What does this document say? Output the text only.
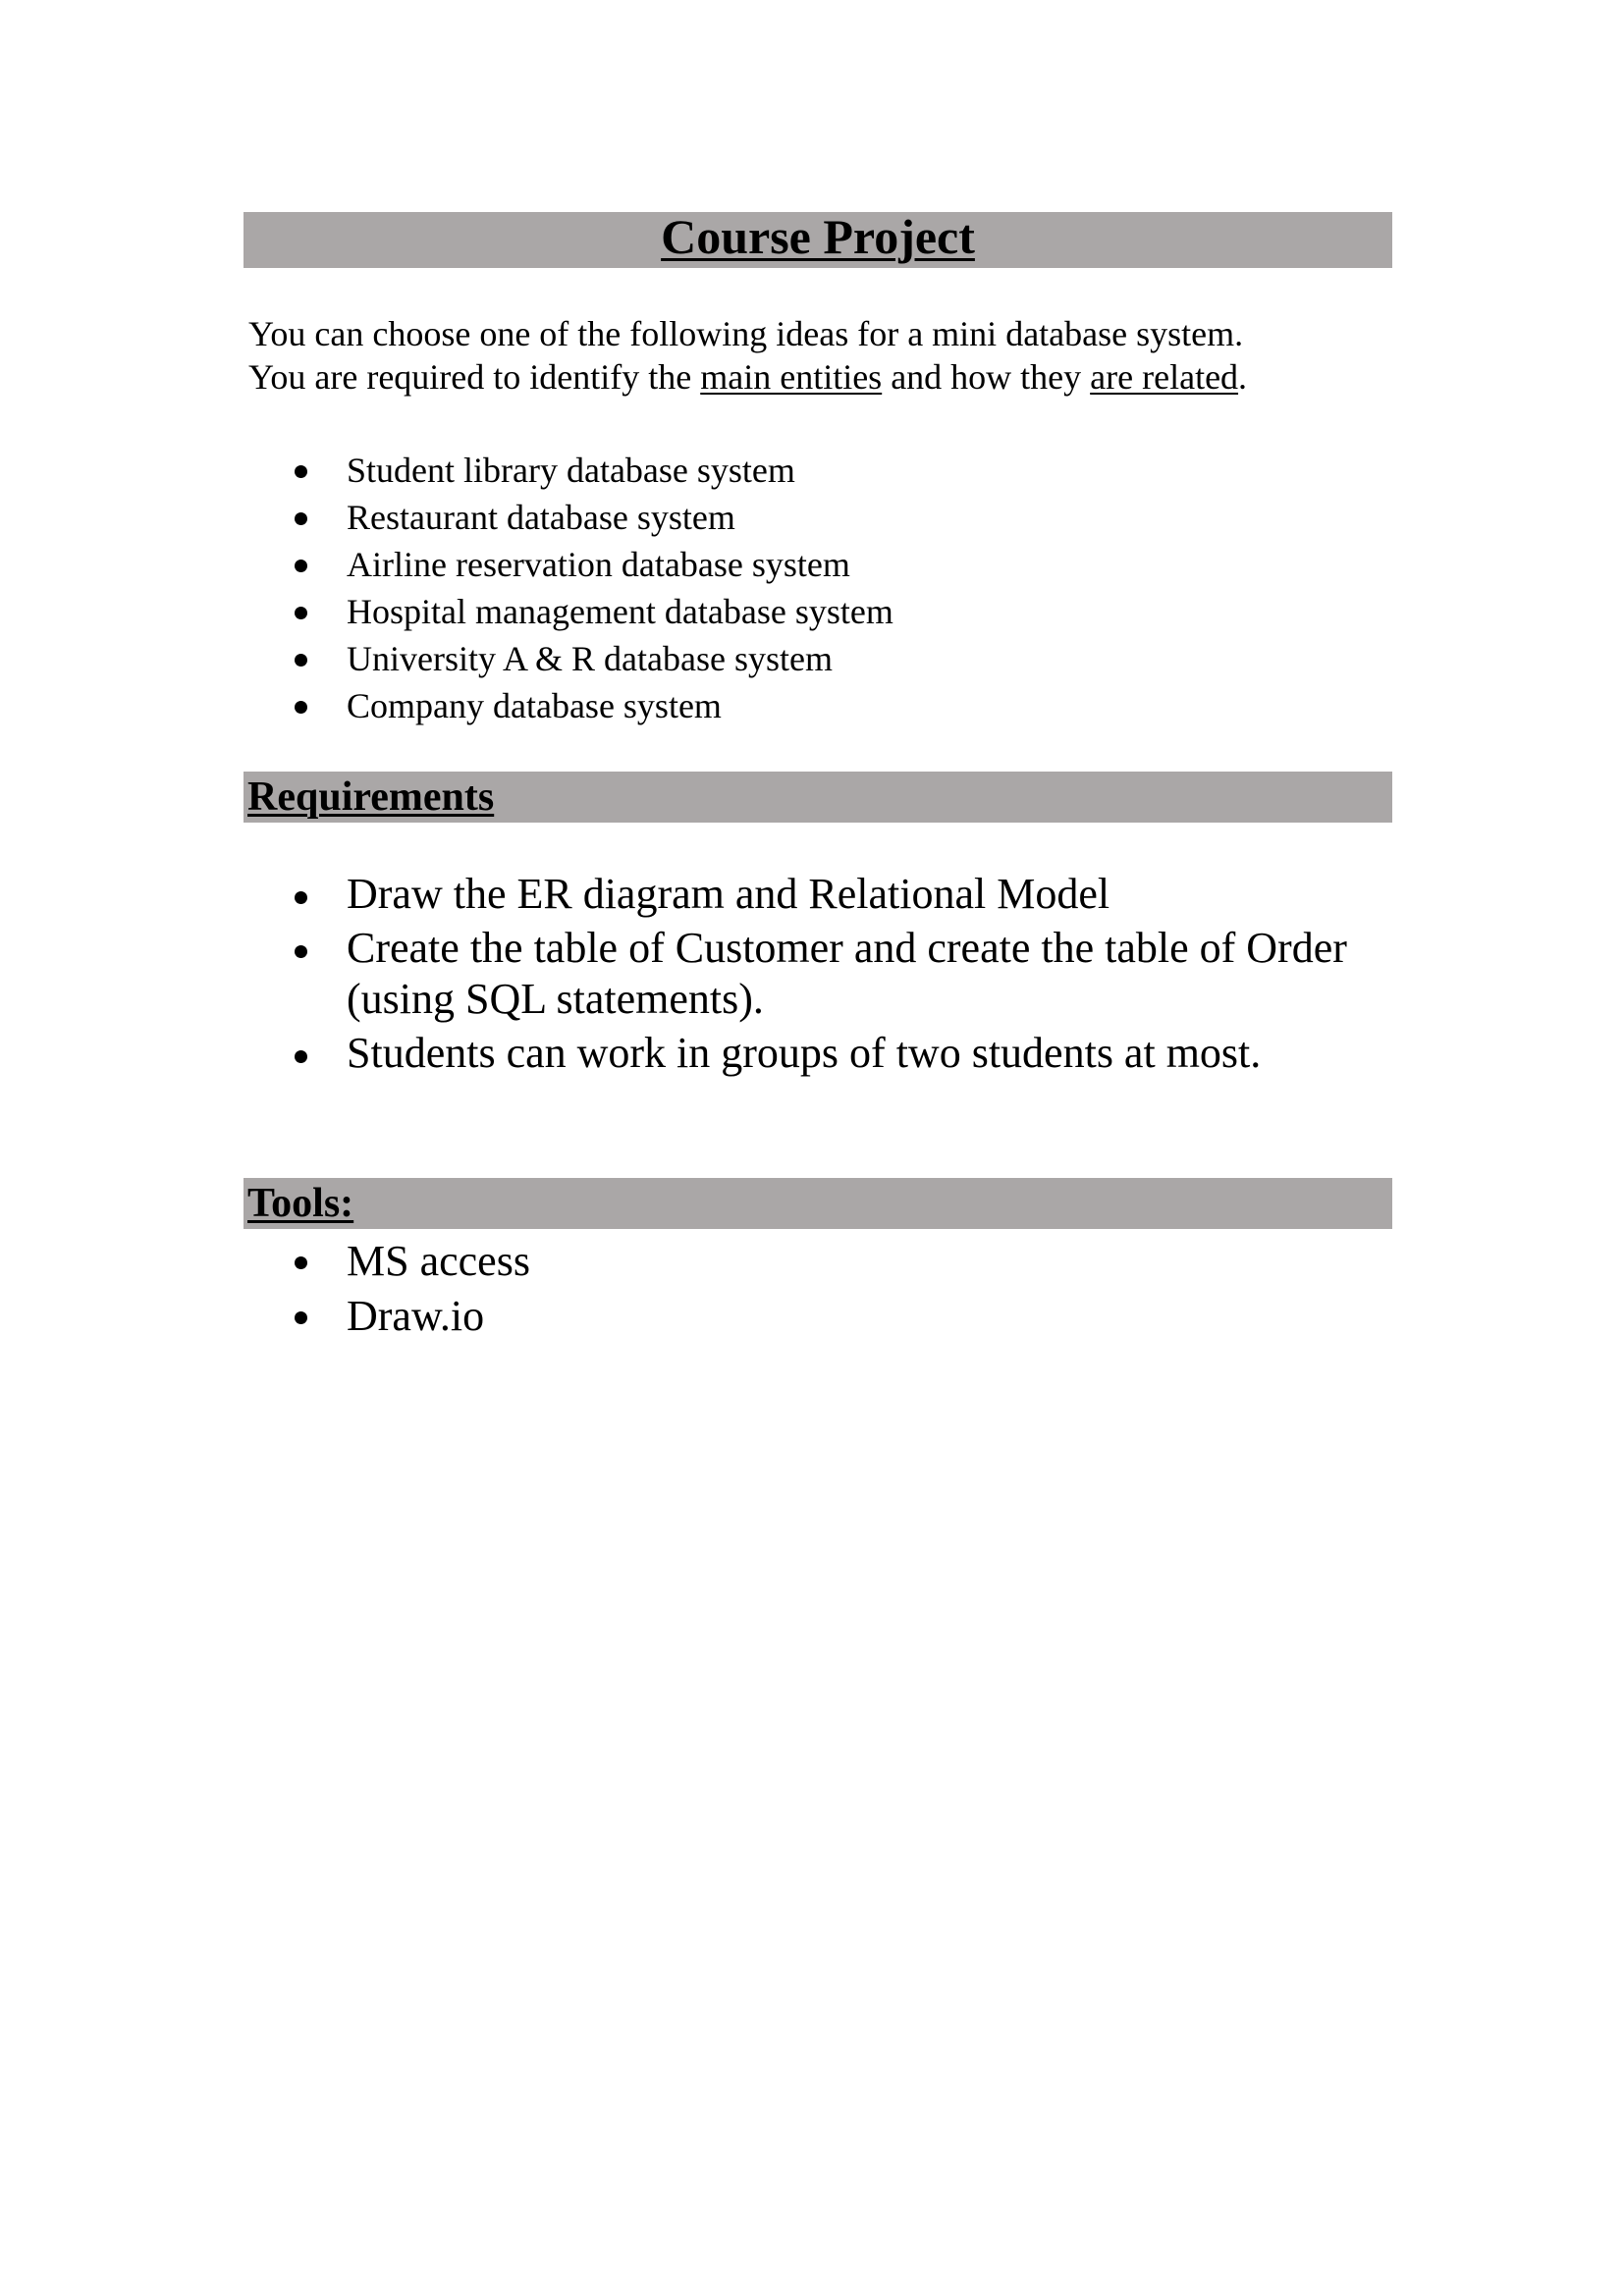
Course Project

You can choose one of the following ideas for a mini database system.

You are required to identify the main entities and how they are related.

Student library database system
Restaurant database system
Airline reservation database system
Hospital management database system
University A & R database system
Company database system
Requirements
Draw the ER diagram and Relational Model
Create the table of Customer and create the table of Order (using SQL statements).
Students can work in groups of two students at most.
Tools:
MS access
Draw.io
